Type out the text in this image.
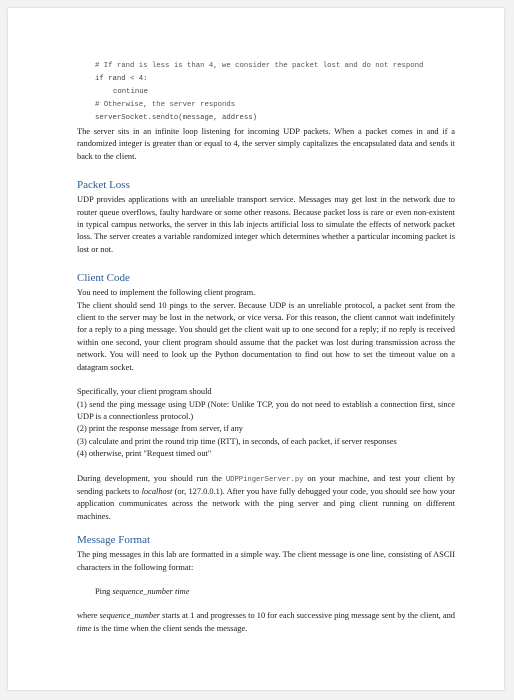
# If rand is less is than 4, we consider the packet lost and do not respond
if rand < 4:
continue
# Otherwise, the server responds
serverSocket.sendto(message, address)

The server sits in an infinite loop listening for incoming UDP packets. When a packet comes in and if a randomized integer is greater than or equal to 4, the server simply capitalizes the encapsulated data and sends it back to the client.

Packet Loss

UDP provides applications with an unreliable transport service. Messages may get lost in the network due to router queue overflows, faulty hardware or some other reasons. Because packet loss is rare or even non-existent in typical campus networks, the server in this lab injects artificial loss to simulate the effects of network packet loss. The server creates a variable randomized integer which determines whether a particular incoming packet is lost or not.

Client Code

You need to implement the following client program.

The client should send 10 pings to the server. Because UDP is an unreliable protocol, a packet sent from the client to the server may be lost in the network, or vice versa. For this reason, the client cannot wait indefinitely for a reply to a ping message. You should get the client wait up to one second for a reply; if no reply is received within one second, your client program should assume that the packet was lost during transmission across the network. You will need to look up the Python documentation to find out how to set the timeout value on a datagram socket.

Specifically, your client program should

(1) send the ping message using UDP (Note: Unlike TCP, you do not need to establish a connection first, since UDP is a connectionless protocol.)
(2) print the response message from server, if any
(3) calculate and print the round trip time (RTT), in seconds, of each packet, if server responses
(4) otherwise, print "Request timed out"

During development, you should run the UDPPingerServer.py on your machine, and test your client by sending packets to localhost (or, 127.0.0.1). After you have fully debugged your code, you should see how your application communicates across the network with the ping server and ping client running on different machines.

Message Format

The ping messages in this lab are formatted in a simple way. The client message is one line, consisting of ASCII characters in the following format:

Ping sequence_number time

where sequence_number starts at 1 and progresses to 10 for each successive ping message sent by the client, and time is the time when the client sends the message.
